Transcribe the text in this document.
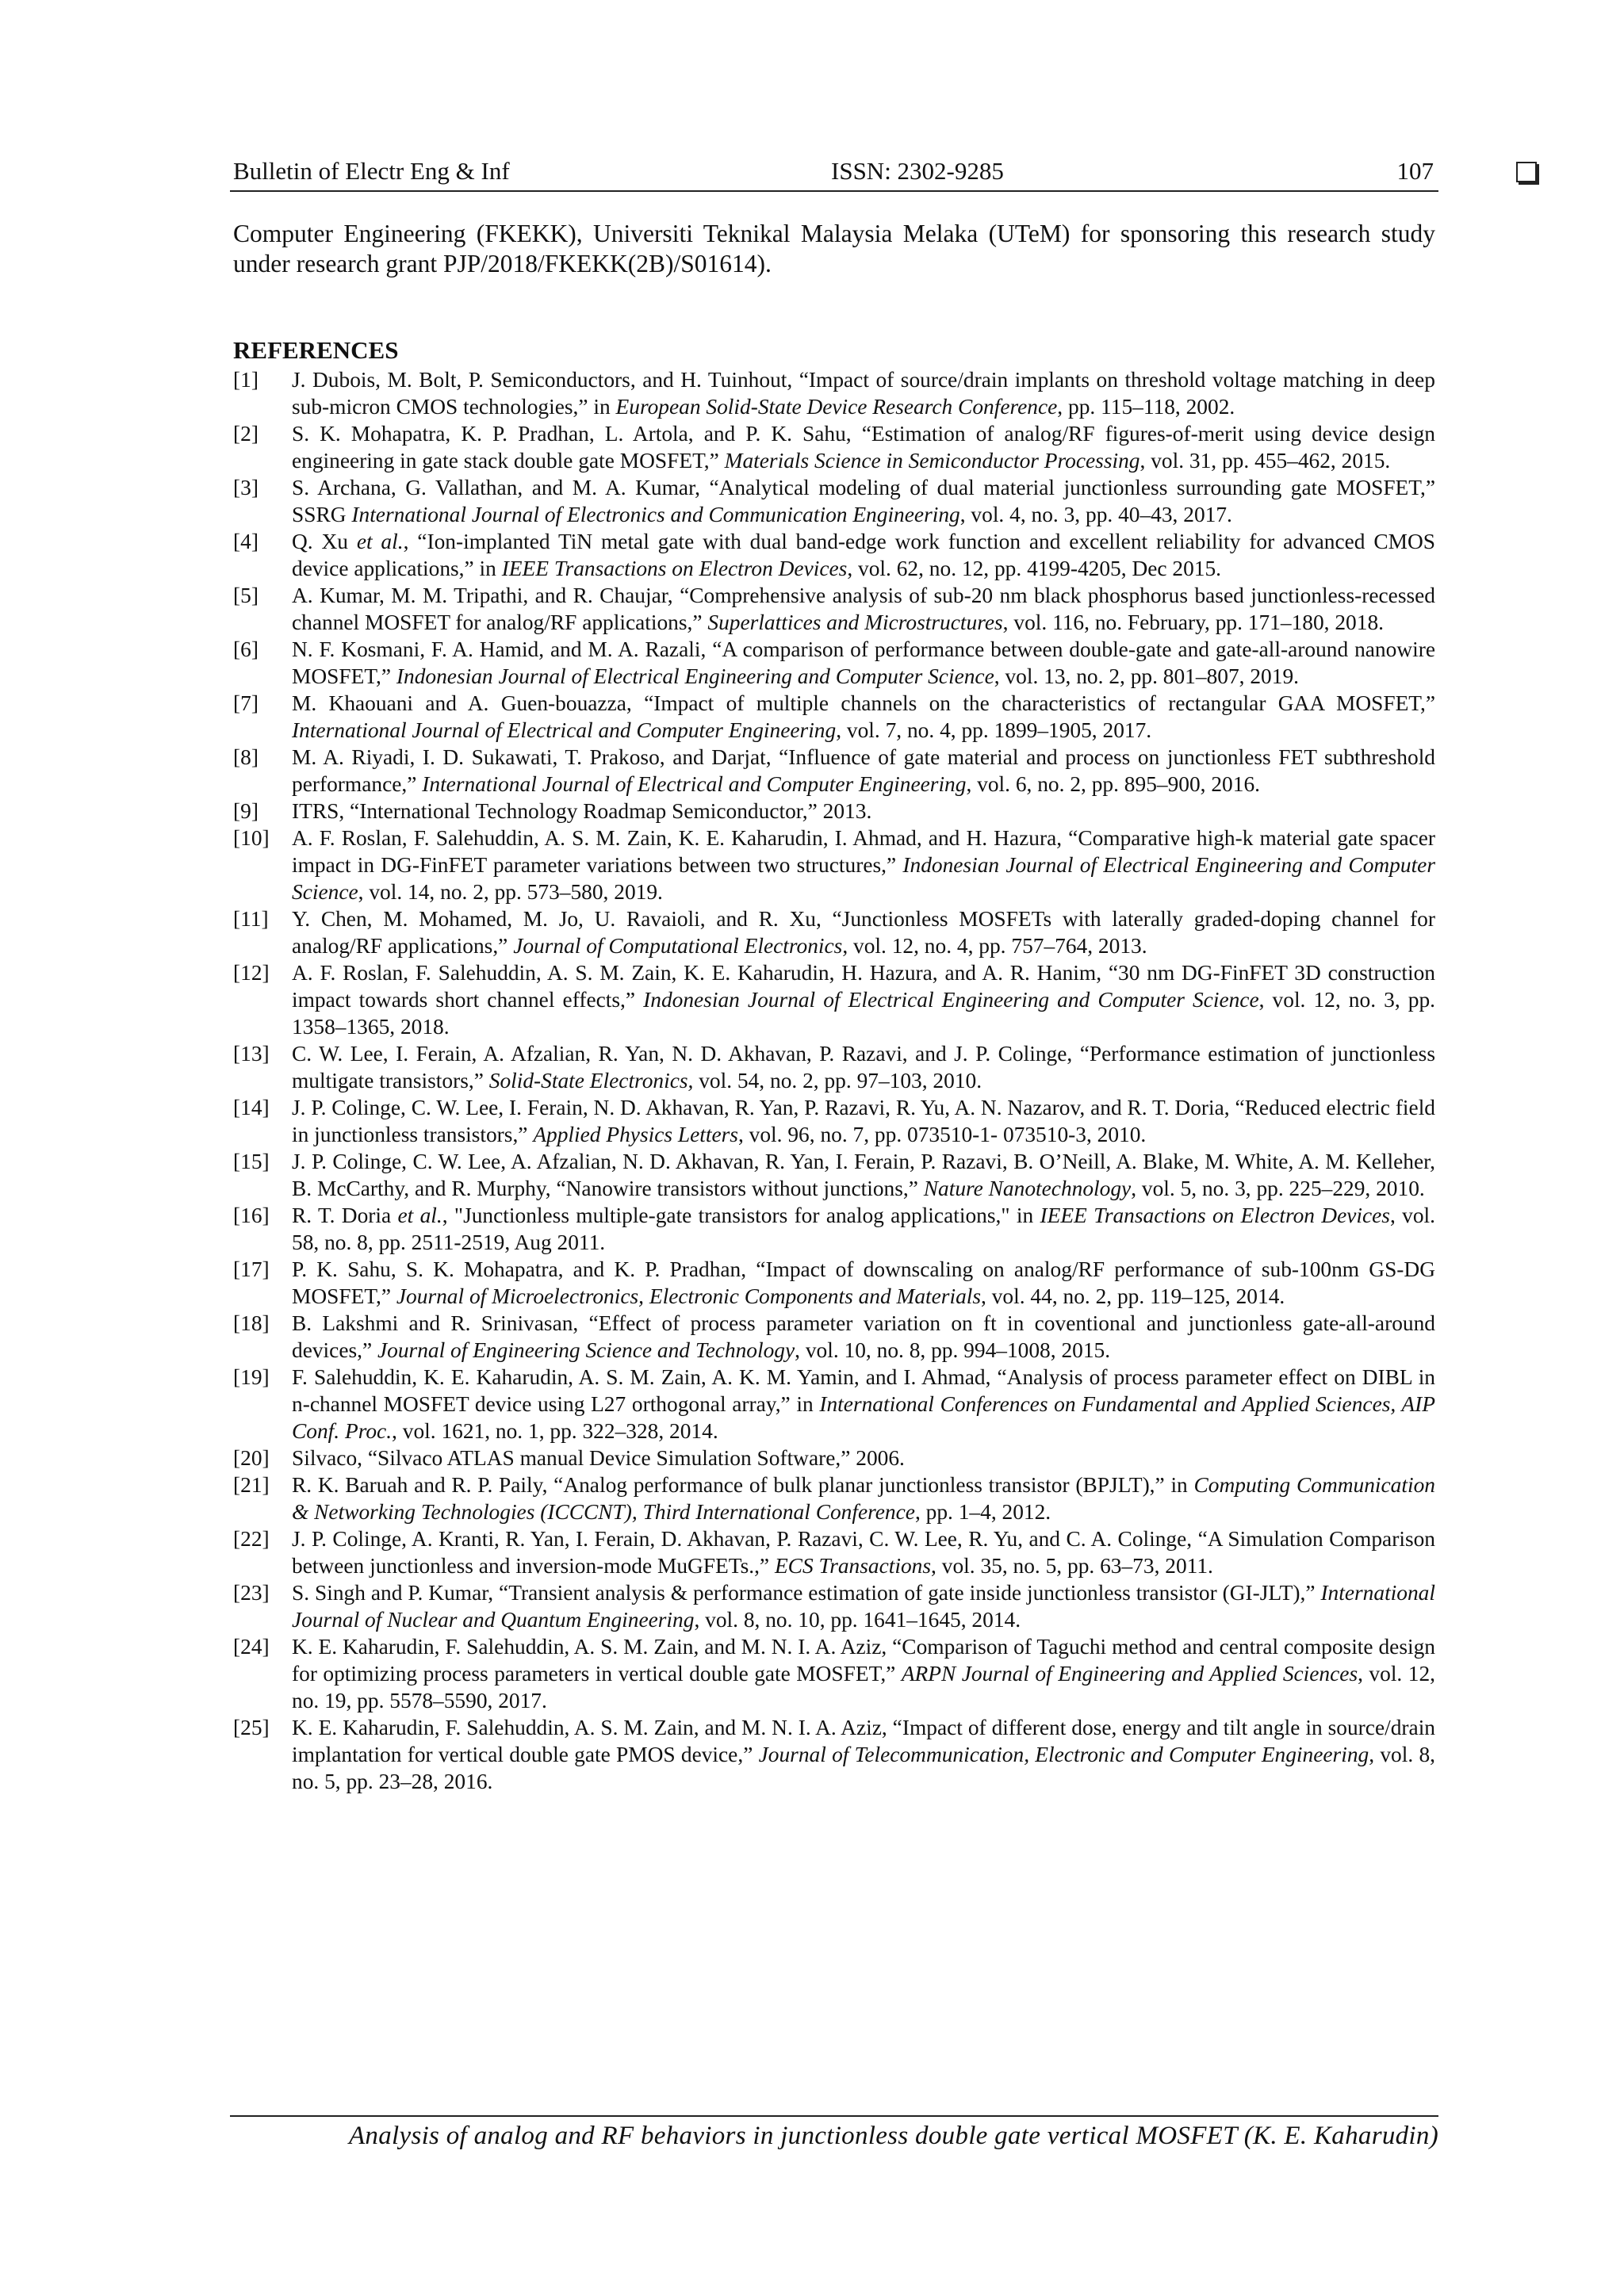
Bulletin of Electr Eng & Inf	ISSN: 2302-9285	107
Computer Engineering (FKEKK), Universiti Teknikal Malaysia Melaka (UTeM) for sponsoring this research study under research grant PJP/2018/FKEKK(2B)/S01614).
REFERENCES
[1]	J. Dubois, M. Bolt, P. Semiconductors, and H. Tuinhout, “Impact of source/drain implants on threshold voltage matching in deep sub-micron CMOS technologies,” in European Solid-State Device Research Conference, pp. 115–118, 2002.
[2]	S. K. Mohapatra, K. P. Pradhan, L. Artola, and P. K. Sahu, “Estimation of analog/RF figures-of-merit using device design engineering in gate stack double gate MOSFET,” Materials Science in Semiconductor Processing, vol. 31, pp. 455–462, 2015.
[3]	S. Archana, G. Vallathan, and M. A. Kumar, “Analytical modeling of dual material junctionless surrounding gate MOSFET,” SSRG International Journal of Electronics and Communication Engineering, vol. 4, no. 3, pp. 40–43, 2017.
[4]	Q. Xu et al., “Ion-implanted TiN metal gate with dual band-edge work function and excellent reliability for advanced CMOS device applications,” in IEEE Transactions on Electron Devices, vol. 62, no. 12, pp. 4199-4205, Dec 2015.
[5]	A. Kumar, M. M. Tripathi, and R. Chaujar, “Comprehensive analysis of sub-20 nm black phosphorus based junctionless-recessed channel MOSFET for analog/RF applications,” Superlattices and Microstructures, vol. 116, no. February, pp. 171–180, 2018.
[6]	N. F. Kosmani, F. A. Hamid, and M. A. Razali, “A comparison of performance between double-gate and gate-all-around nanowire MOSFET,” Indonesian Journal of Electrical Engineering and Computer Science, vol. 13, no. 2, pp. 801–807, 2019.
[7]	M. Khaouani and A. Guen-bouazza, “Impact of multiple channels on the characteristics of rectangular GAA MOSFET,” International Journal of Electrical and Computer Engineering, vol. 7, no. 4, pp. 1899–1905, 2017.
[8]	M. A. Riyadi, I. D. Sukawati, T. Prakoso, and Darjat, “Influence of gate material and process on junctionless FET subthreshold performance,” International Journal of Electrical and Computer Engineering, vol. 6, no. 2, pp. 895–900, 2016.
[9]	ITRS, “International Technology Roadmap Semiconductor,” 2013.
[10]	A. F. Roslan, F. Salehuddin, A. S. M. Zain, K. E. Kaharudin, I. Ahmad, and H. Hazura, “Comparative high-k material gate spacer impact in DG-FinFET parameter variations between two structures,” Indonesian Journal of Electrical Engineering and Computer Science, vol. 14, no. 2, pp. 573–580, 2019.
[11]	Y. Chen, M. Mohamed, M. Jo, U. Ravaioli, and R. Xu, “Junctionless MOSFETs with laterally graded-doping channel for analog/RF applications,” Journal of Computational Electronics, vol. 12, no. 4, pp. 757–764, 2013.
[12]	A. F. Roslan, F. Salehuddin, A. S. M. Zain, K. E. Kaharudin, H. Hazura, and A. R. Hanim, “30 nm DG-FinFET 3D construction impact towards short channel effects,” Indonesian Journal of Electrical Engineering and Computer Science, vol. 12, no. 3, pp. 1358–1365, 2018.
[13]	C. W. Lee, I. Ferain, A. Afzalian, R. Yan, N. D. Akhavan, P. Razavi, and J. P. Colinge, “Performance estimation of junctionless multigate transistors,” Solid-State Electronics, vol. 54, no. 2, pp. 97–103, 2010.
[14]	J. P. Colinge, C. W. Lee, I. Ferain, N. D. Akhavan, R. Yan, P. Razavi, R. Yu, A. N. Nazarov, and R. T. Doria, “Reduced electric field in junctionless transistors,” Applied Physics Letters, vol. 96, no. 7, pp. 073510-1- 073510-3, 2010.
[15]	J. P. Colinge, C. W. Lee, A. Afzalian, N. D. Akhavan, R. Yan, I. Ferain, P. Razavi, B. O’Neill, A. Blake, M. White, A. M. Kelleher, B. McCarthy, and R. Murphy, “Nanowire transistors without junctions,” Nature Nanotechnology, vol. 5, no. 3, pp. 225–229, 2010.
[16]	R. T. Doria et al., "Junctionless multiple-gate transistors for analog applications," in IEEE Transactions on Electron Devices, vol. 58, no. 8, pp. 2511-2519, Aug 2011.
[17]	P. K. Sahu, S. K. Mohapatra, and K. P. Pradhan, “Impact of downscaling on analog/RF performance of sub-100nm GS-DG MOSFET,” Journal of Microelectronics, Electronic Components and Materials, vol. 44, no. 2, pp. 119–125, 2014.
[18]	B. Lakshmi and R. Srinivasan, “Effect of process parameter variation on ft in coventional and junctionless gate-all-around devices,” Journal of Engineering Science and Technology, vol. 10, no. 8, pp. 994–1008, 2015.
[19]	F. Salehuddin, K. E. Kaharudin, A. S. M. Zain, A. K. M. Yamin, and I. Ahmad, “Analysis of process parameter effect on DIBL in n-channel MOSFET device using L27 orthogonal array,” in International Conferences on Fundamental and Applied Sciences, AIP Conf. Proc., vol. 1621, no. 1, pp. 322–328, 2014.
[20]	Silvaco, “Silvaco ATLAS manual Device Simulation Software,” 2006.
[21]	R. K. Baruah and R. P. Paily, “Analog performance of bulk planar junctionless transistor (BPJLT),” in Computing Communication & Networking Technologies (ICCCNT), Third International Conference, pp. 1–4, 2012.
[22]	J. P. Colinge, A. Kranti, R. Yan, I. Ferain, D. Akhavan, P. Razavi, C. W. Lee, R. Yu, and C. A. Colinge, “A Simulation Comparison between junctionless and inversion-mode MuGFETs.,” ECS Transactions, vol. 35, no. 5, pp. 63–73, 2011.
[23]	S. Singh and P. Kumar, “Transient analysis & performance estimation of gate inside junctionless transistor (GI-JLT),” International Journal of Nuclear and Quantum Engineering, vol. 8, no. 10, pp. 1641–1645, 2014.
[24]	K. E. Kaharudin, F. Salehuddin, A. S. M. Zain, and M. N. I. A. Aziz, “Comparison of Taguchi method and central composite design for optimizing process parameters in vertical double gate MOSFET,” ARPN Journal of Engineering and Applied Sciences, vol. 12, no. 19, pp. 5578–5590, 2017.
[25]	K. E. Kaharudin, F. Salehuddin, A. S. M. Zain, and M. N. I. A. Aziz, “Impact of different dose, energy and tilt angle in source/drain implantation for vertical double gate PMOS device,” Journal of Telecommunication, Electronic and Computer Engineering, vol. 8, no. 5, pp. 23–28, 2016.
Analysis of analog and RF behaviors in junctionless double gate vertical MOSFET (K. E. Kaharudin)
